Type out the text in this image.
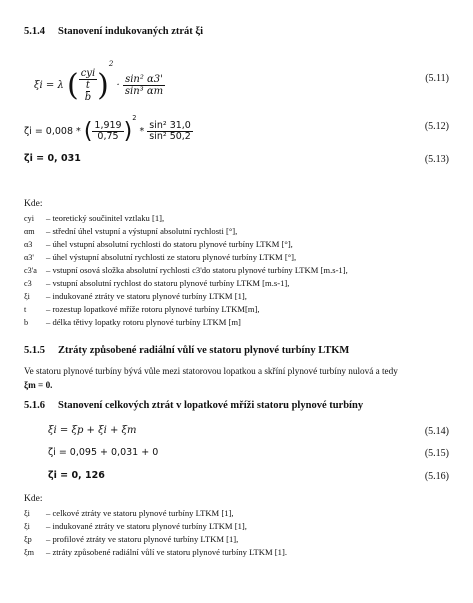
5.1.4 Stanovení indukovaných ztrát ξi
ξi = λ ( $\frac{\text{cyi}}{\frac{t}{b}} )^2 \cdot \frac{\text{sin² α3'}}{\text{sin³ αm}}$	(5.11)
ζi = 0,008 * ( $\frac{1,919}{0,75} )^2 * \frac{\text{sin² 31,0}}{\text{sin² 50,2}}$	(5.12)
ζi = 0, 031	(5.13)
Kde:
cyi – teoretický součinitel vztlaku [1],
αm – střední úhel vstupní a výstupní absolutní rychlosti [°],
α3 – úhel vstupní absolutní rychlosti do statoru plynové turbíny LTKM [°],
α3' – úhel výstupní absolutní rychlosti ze statoru plynové turbíny LTKM [°],
c3'a – vstupní osová složka absolutní rychlosti c3'do statoru plynové turbíny LTKM [m.s-1],
c3 – vstupní absolutní rychlost do statoru plynové turbíny LTKM [m.s-1],
ξi – indukované ztráty ve statoru plynové turbíny LTKM [1],
t – rozestup lopatkové mříže rotoru plynové turbíny LTKM[m],
b – délka tětivy lopatky rotoru plynové turbíny LTKM [m]
5.1.5 Ztráty způsobené radiální vůlí ve statoru plynové turbíny LTKM
Ve statoru plynové turbíny bývá vůle mezi statorovou lopatkou a skříní plynové turbíny nulová a tedy
ξm = 0.
5.1.6 Stanovení celkových ztrát v lopatkové mříži statoru plynové turbíny
ξi = ξp + ξi + ξm	(5.14)
ζi = 0,095 + 0,031 + 0	(5.15)
ζi = 0, 126	(5.16)
Kde:
ξi – celkové ztráty ve statoru plynové turbíny LTKM [1],
ξi – indukované ztráty ve statoru plynové turbíny LTKM [1],
ξp – profilové ztráty ve statoru plynové turbíny LTKM [1],
ξm – ztráty způsobené radiální vůlí ve statoru plynové turbíny LTKM [1].
